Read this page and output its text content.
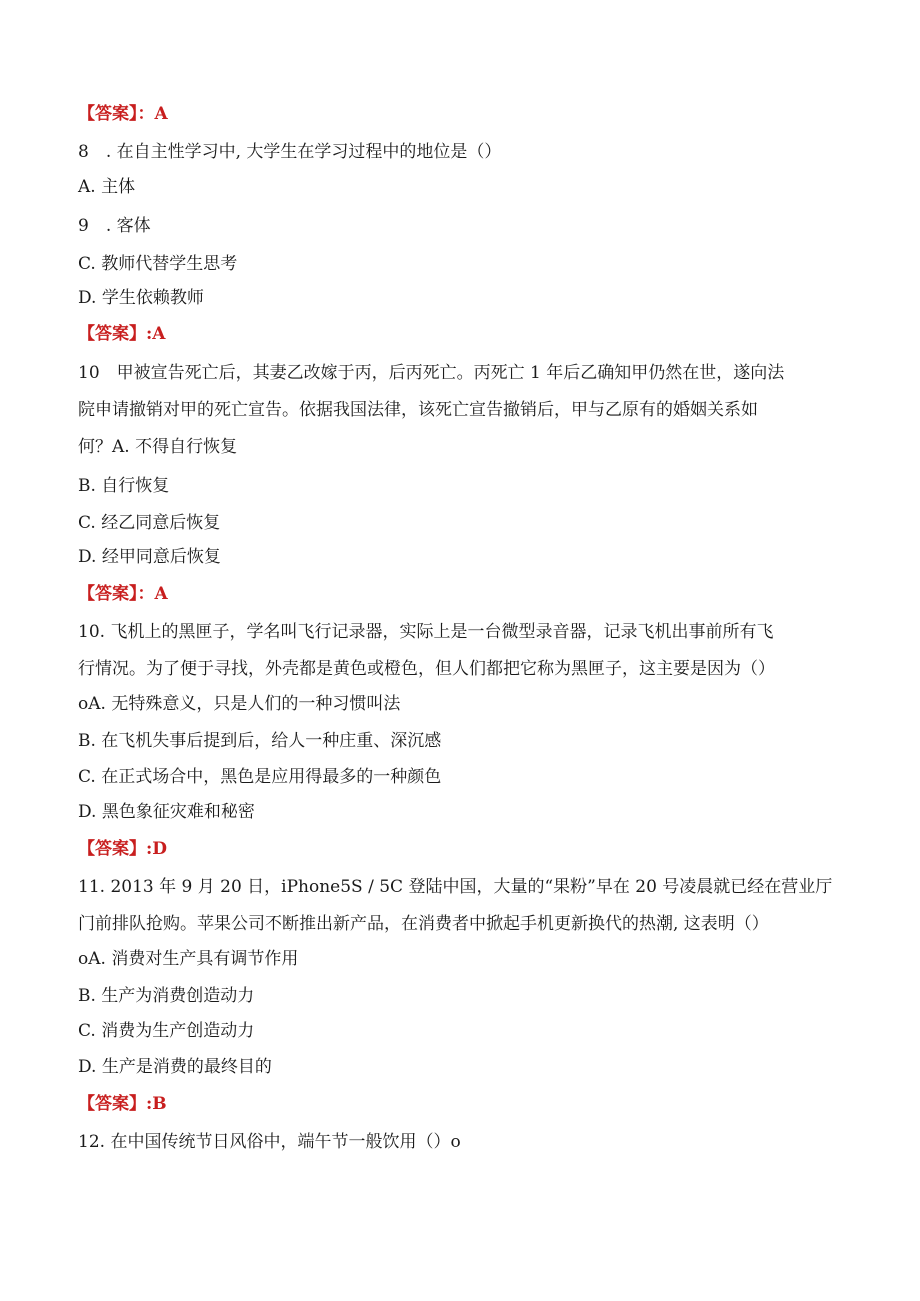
【答案】：A
8　. 在自主性学习中, 大学生在学习过程中的地位是（）
A. 主体
9　. 客体
C. 教师代替学生思考
D. 学生依赖教师
【答案】:A
10　甲被宣告死亡后，其妻乙改嫁于丙，后丙死亡。丙死亡 1 年后乙确知甲仍然在世，遂向法
院申请撤销对甲的死亡宣告。依据我国法律，该死亡宣告撤销后，甲与乙原有的婚姻关系如
何？A. 不得自行恢复
B. 自行恢复
C. 经乙同意后恢复
D. 经甲同意后恢复
【答案】：A
10. 飞机上的黑匣子，学名叫飞行记录器，实际上是一台微型录音器，记录飞机出事前所有飞
行情况。为了便于寻找，外壳都是黄色或橙色，但人们都把它称为黑匣子，这主要是因为（）
oA. 无特殊意义，只是人们的一种习惯叫法
B. 在飞机失事后提到后，给人一种庄重、深沉感
C. 在正式场合中，黑色是应用得最多的一种颜色
D. 黑色象征灾难和秘密
【答案】:D
11. 2013 年 9 月 20 日，iPhone5S / 5C 登陆中国，大量的“果粉”早在 20 号凌晨就已经在营业厅
门前排队抢购。苹果公司不断推出新产品，在消费者中掀起手机更新换代的热潮, 这表明（）
oA. 消费对生产具有调节作用
B. 生产为消费创造动力
C. 消费为生产创造动力
D. 生产是消费的最终目的
【答案】:B
12. 在中国传统节日风俗中，端午节一般饮用（）o
